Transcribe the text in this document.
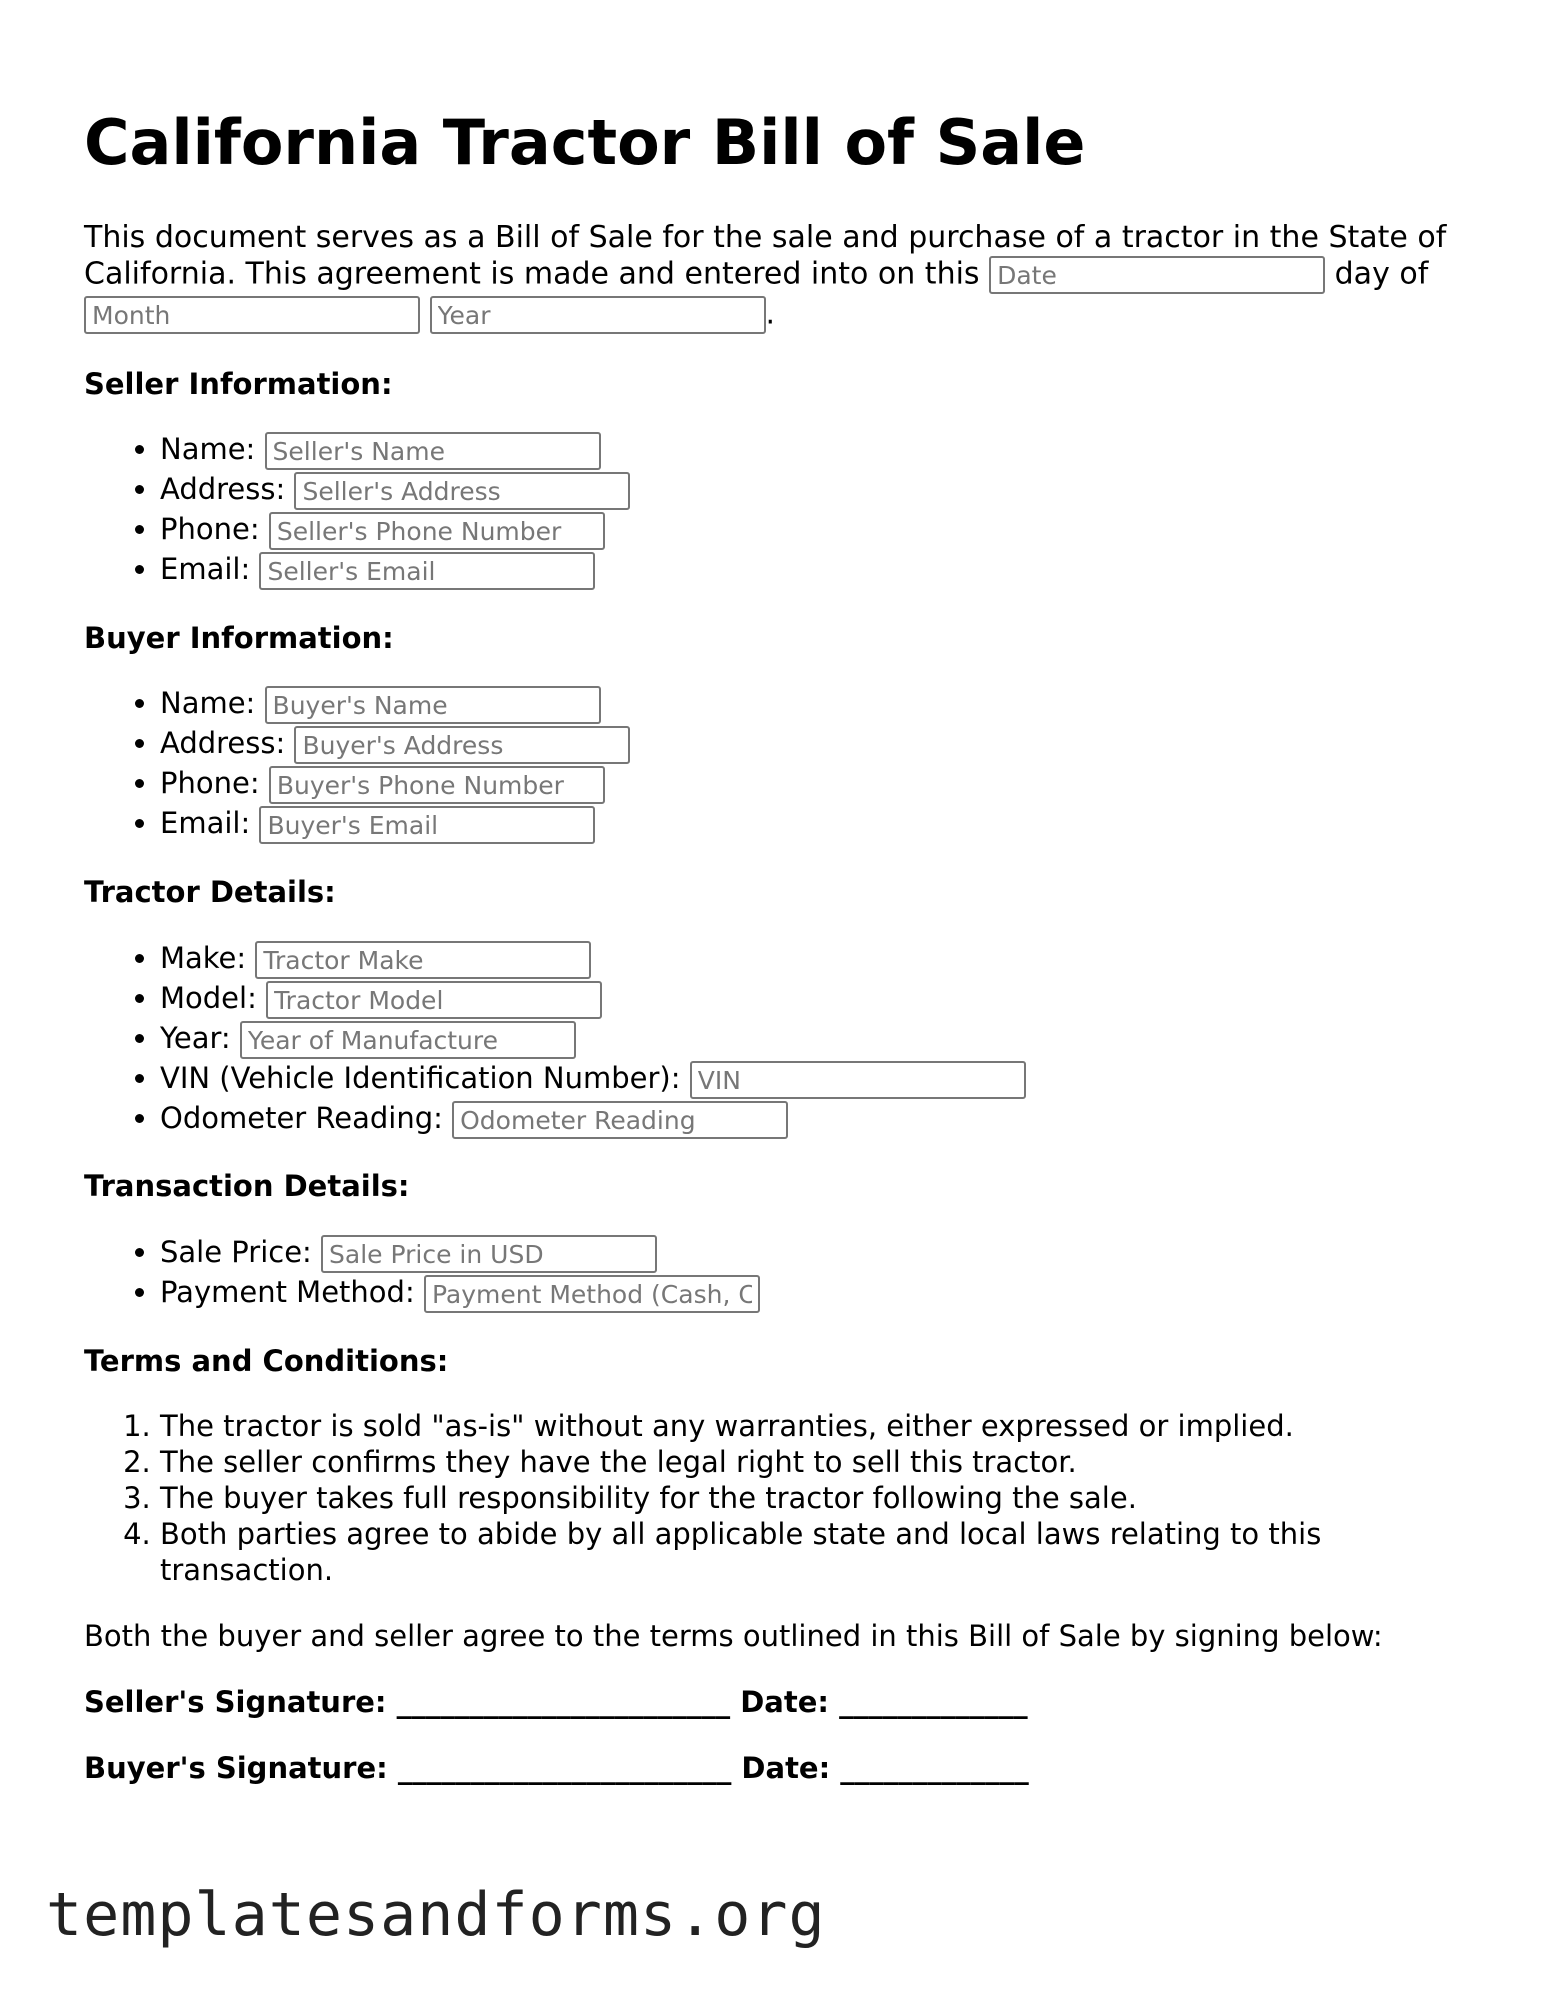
California Tractor Bill of Sale
This document serves as a Bill of Sale for the sale and purchase of a tractor in the State of
California. This agreement is made and entered into on this Date	day of
Month Year.
Seller Information:
• Name: Seller's Name
• Address: Seller's Address
• Phone: Seller's Phone Number
• Email: Seller's Email
Buyer Information:
• Name: Buyer's Name
• Address: Buyer's Address
• Phone: Buyer's Phone Number
• Email: Buyer's Email
Tractor Details:
• Make: Tractor Make
• Model: Tractor Model
• Year: Year of Manufacture
• VIN (Vehicle Identification Number): VIN
• Odometer Reading: Odometer Reading
Transaction Details:
• Sale Price: Sale Price in USD
• Payment Method: Payment Method (Cash, Check, etc.)
Terms and Conditions:
1. The tractor is sold "as-is" without any warranties, either expressed or implied.
2. The seller confirms they have the legal right to sell this tractor.
3. The buyer takes full responsibility for the tractor following the sale.
4. Both parties agree to abide by all applicable state and local laws relating to this transaction.

Both the buyer and seller agree to the terms outlined in this Bill of Sale by signing below:

Seller's Signature: _______________________ Date: _____________

Buyer's Signature: _______________________ Date: _____________

templatesandforms.org
